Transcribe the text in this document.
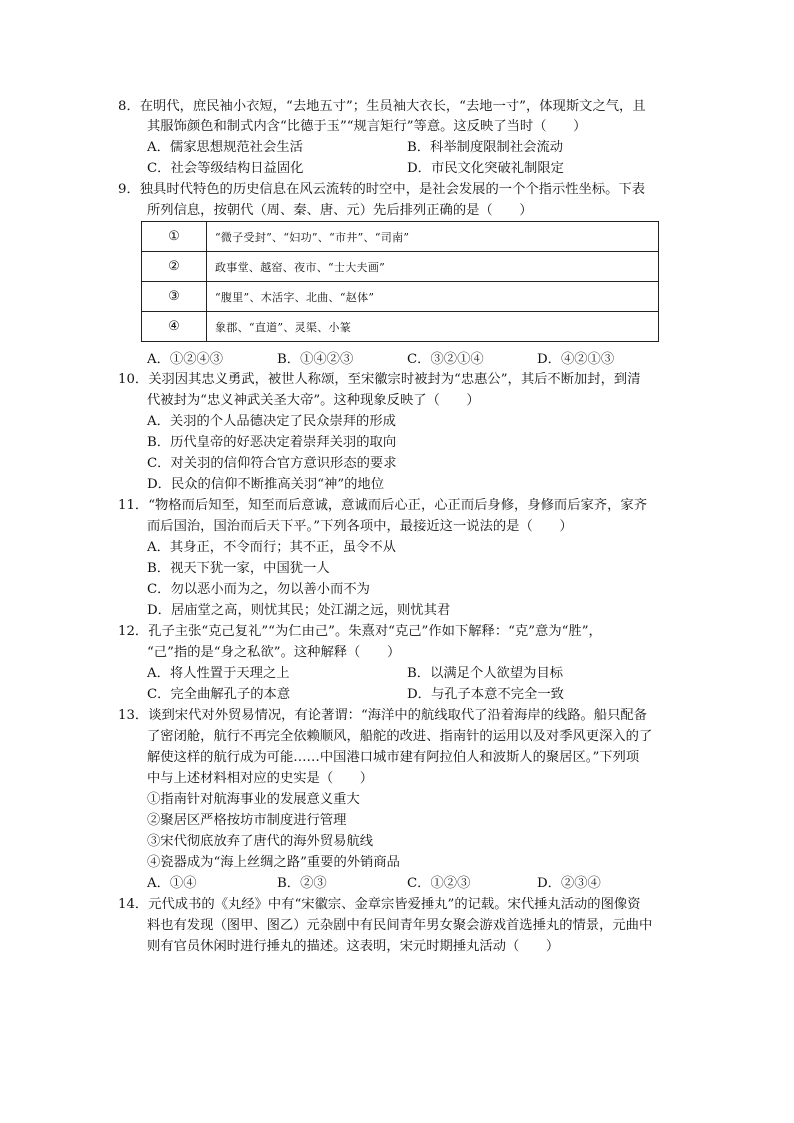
8．在明代，庶民袖小衣短，“去地五寸”；生员袖大衣长，“去地一寸”，体现斯文之气，且
其服饰颜色和制式内含“比德于玉”“规言矩行”等意。这反映了当时（　　）
A．儒家思想规范社会生活	B．科举制度限制社会流动
C．社会等级结构日益固化	D．市民文化突破礼制限定
9．独具时代特色的历史信息在风云流转的时空中，是社会发展的一个个指示性坐标。下表
所列信息，按朝代（周、秦、唐、元）先后排列正确的是（　　）
①	“微子受封”、“妇功”、“市井”、“司南”
②	政事堂、越窑、夜市、“士大夫画”
③	“腹里”、木活字、北曲、“赵体”
④	象郡、“直道”、灵渠、小篆
A．①②④③	B．①④②③	C．③②①④	D．④②①③
10．关羽因其忠义勇武，被世人称颂，至宋徽宗时被封为“忠惠公”，其后不断加封，到清
代被封为“忠义神武关圣大帝”。这种现象反映了（　　）
A．关羽的个人品德决定了民众崇拜的形成
B．历代皇帝的好恶决定着崇拜关羽的取向
C．对关羽的信仰符合官方意识形态的要求
D．民众的信仰不断推高关羽“神”的地位
11．“物格而后知至，知至而后意诚，意诚而后心正，心正而后身修，身修而后家齐，家齐
而后国治，国治而后天下平。”下列各项中，最接近这一说法的是（　　）
A．其身正，不令而行；其不正，虽令不从
B．视天下犹一家，中国犹一人
C．勿以恶小而为之，勿以善小而不为
D．居庙堂之高，则忧其民；处江湖之远，则忧其君
12．孔子主张“克己复礼”“为仁由己”。朱熹对“克己”作如下解释：“克”意为“胜”，
“己”指的是“身之私欲”。这种解释（　　）
A．将人性置于天理之上	B．以满足个人欲望为目标
C．完全曲解孔子的本意	D．与孔子本意不完全一致
13．谈到宋代对外贸易情况，有论著谓：“海洋中的航线取代了沿着海岸的线路。船只配备
了密闭舱，航行不再完全依赖顺风，船舵的改进、指南针的运用以及对季风更深入的了
解使这样的航行成为可能……中国港口城市建有阿拉伯人和波斯人的聚居区。”下列项
中与上述材料相对应的史实是（　　）
①指南针对航海事业的发展意义重大
②聚居区严格按坊市制度进行管理
③宋代彻底放弃了唐代的海外贸易航线
④瓷器成为“海上丝绸之路”重要的外销商品
A．①④	B．②③	C．①②③	D．②③④
14．元代成书的《丸经》中有“宋徽宗、金章宗皆爱捶丸”的记载。宋代捶丸活动的图像资
料也有发现（图甲、图乙）元杂剧中有民间青年男女聚会游戏首选捶丸的情景，元曲中
则有官员休闲时进行捶丸的描述。这表明，宋元时期捶丸活动（　　）
